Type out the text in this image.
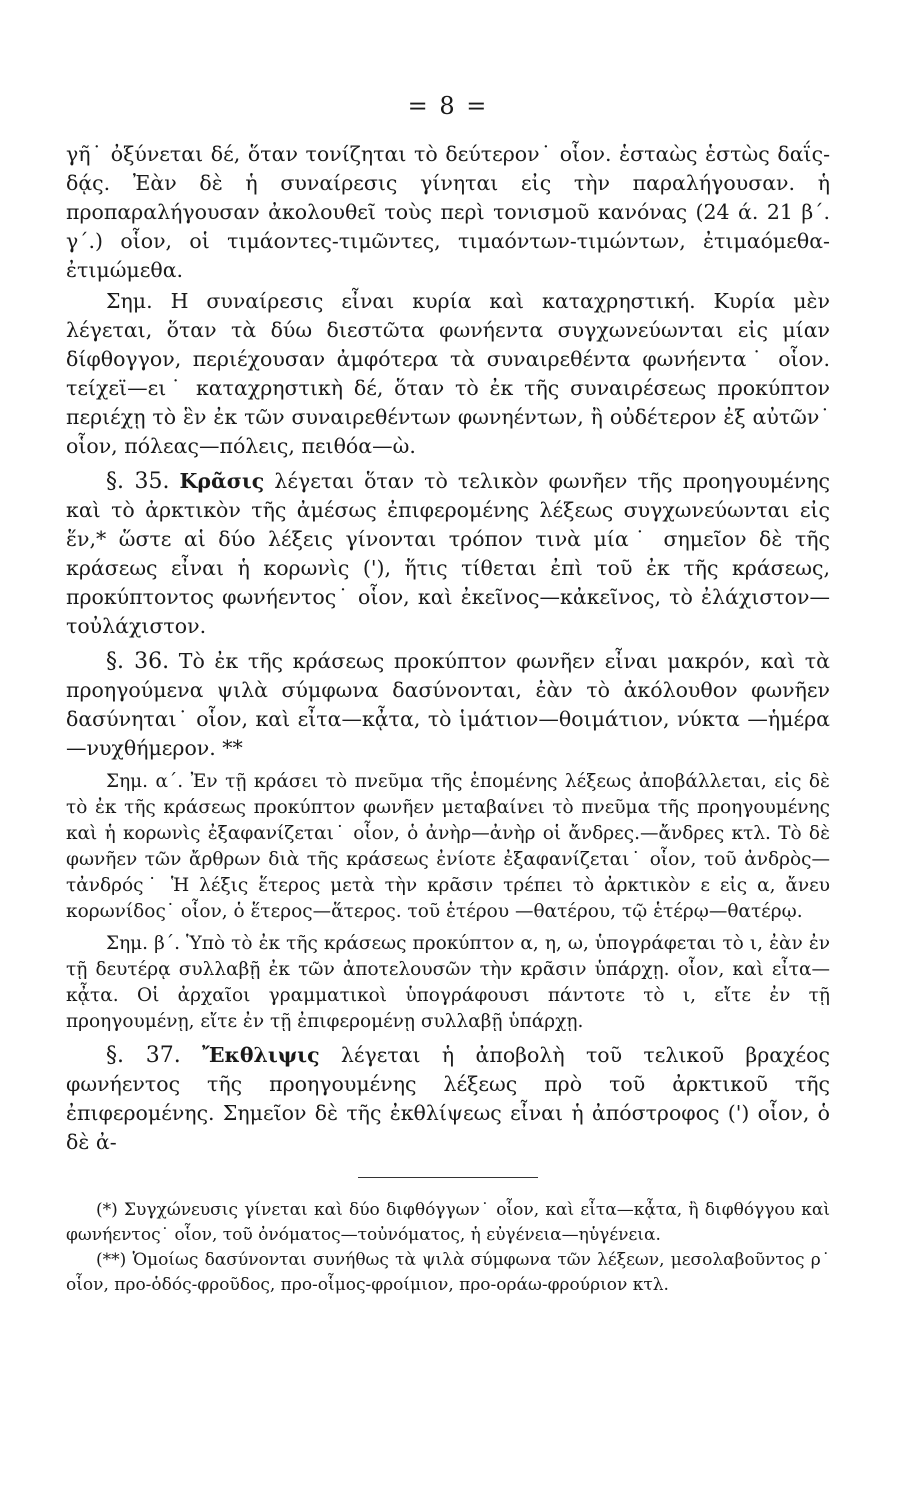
= 8 =

γη̃˙ ὀξύνεται δέ, ὅταν τονίζηται τὸ δεύτερον˙ οἷον. ἑσταὼς ἑστὼς δαΐς-δᾴς. Ἐὰν δὲ ἡ συναίρεσις γίνηται εἰς τὴν παραλήγουσαν. ἡ προπαραλήγουσαν ἀκολουθεῖ τοὺς περὶ τονισμοῦ κανόνας (24 ά. 21 β΄. γ΄.) οἷον, οἱ τιμάοντες-τιμῶντες, τιμαόντων-τιμώντων, ἐτιμαόμεθα-ἐτιμώμεθα.

Σημ. Η συναίρεσις εἶναι κυρία καὶ καταχρηστική. Κυρία μὲν λέγεται, ὅταν τὰ δύω διεστῶτα φωνήεντα συγχωνεύωνται εἰς μίαν δίφθογγον, περιέχουσαν ἀμφότερα τὰ συναιρεθέντα φωνήεντα˙ οἷον. τείχεϊ—ει˙ καταχρηστικὴ δέ, ὅταν τὸ ἐκ τῆς συναιρέσεως προκύπτον περιέχῃ τὸ ἓν ἐκ τῶν συναιρεθέντων φωνηέντων, ἢ οὐδέτερον ἐξ αὐτῶν˙ οἷον, πόλεας—πόλεις, πειθόα—ὼ.

§. 35. Κρᾶσις λέγεται ὅταν τὸ τελικὸν φωνῆεν τῆς προηγουμένης καὶ τὸ ἀρκτικὸν τῆς ἀμέσως ἐπιφερομένης λέξεως συγχωνεύωνται εἰς ἕν,* ὥστε αἱ δύο λέξεις γίνονται τρόπον τινὰ μία˙ σημεῖον δὲ τῆς κράσεως εἶναι ἡ κορωνὶς ('), ἥτις τίθεται ἐπὶ τοῦ ἐκ τῆς κράσεως, προκύπτοντος φωνήεντος˙ οἷον, καὶ ἐκεῖνος—κἀκεῖνος, τὸ ἐλάχιστον—τοὐλάχιστον.

§. 36. Τὸ ἐκ τῆς κράσεως προκύπτον φωνῆεν εἶναι μακρόν, καὶ τὰ προηγούμενα ψιλὰ σύμφωνα δασύνονται, ἐὰν τὸ ἀκόλουθον φωνῆεν δασύνηται˙ οἷον, καὶ εἶτα—κᾆτα, τὸ ἱμάτιον—θοιμάτιον, νύκτα —ἡμέρα—νυχθήμερον. **

Σημ. α΄. Ἐν τῇ κράσει τὸ πνεῦμα τῆς ἑπομένης λέξεως ἀποβάλλεται, εἰς δὲ τὸ ἐκ τῆς κράσεως προκύπτον φωνῆεν μεταβαίνει τὸ πνεῦμα τῆς προηγουμένης καὶ ἡ κορωνὶς ἐξαφανίζεται˙ οἷον, ὁ ἀνὴρ—ἀνὴρ οἱ ἄνδρες.—ἄνδρες κτλ. Τὸ δὲ φωνῆεν τῶν ἄρθρων διὰ τῆς κράσεως ἐνίοτε ἐξαφανίζεται˙ οἷον, τοῦ ἀνδρὸς—τἀνδρός˙ Ἡ λέξις ἕτερος μετὰ τὴν κρᾶσιν τρέπει τὸ ἀρκτικὸν ε εἰς α, ἄνευ κορωνίδος˙ οἷον, ὁ ἕτερος—ἅτερος. τοῦ ἑτέρου —θατέρου, τῷ ἑτέρῳ—θατέρῳ.

Σημ. β΄. Ὑπὸ τὸ ἐκ τῆς κράσεως προκύπτον α, η, ω, ὑπογράφεται τὸ ι, ἐὰν ἐν τῇ δευτέρᾳ συλλαβῇ ἐκ τῶν ἀποτελουσῶν τὴν κρᾶσιν ὑπάρχῃ. οἷον, καὶ εἶτα—κᾆτα. Οἱ ἀρχαῖοι γραμματικοὶ ὑπογράφουσι πάντοτε τὸ ι, εἴτε ἐν τῇ προηγουμένῃ, εἴτε ἐν τῇ ἐπιφερομένῃ συλλαβῇ ὑπάρχῃ.

§. 37. Ἔκθλιψις λέγεται ἡ ἀποβολὴ τοῦ τελικοῦ βραχέος φωνήεντος τῆς προηγουμένης λέξεως πρὸ τοῦ ἀρκτικοῦ τῆς ἐπιφερομένης. Σημεῖον δὲ τῆς ἐκθλίψεως εἶναι ἡ ἀπόστροφος (') οἷον, ὁ δὲ ἀ-

(*) Συγχώνευσις γίνεται καὶ δύο διφθόγγων˙ οἷον, καὶ εἶτα—κᾆτα, ἢ διφθόγγου καὶ φωνήεντος˙ οἷον, τοῦ ὀνόματος—τοὐνόματος, ἡ εὐγένεια—ηὑγένεια.

(**) Ὁμοίως δασύνονται συνήθως τὰ ψιλὰ σύμφωνα τῶν λέξεων, μεσολαβοῦντος ρ˙ οἷον, προ-ὁδός-φροῦδος, προ-οἷμος-φροίμιον, προ-οράω-φρούριον κτλ.
